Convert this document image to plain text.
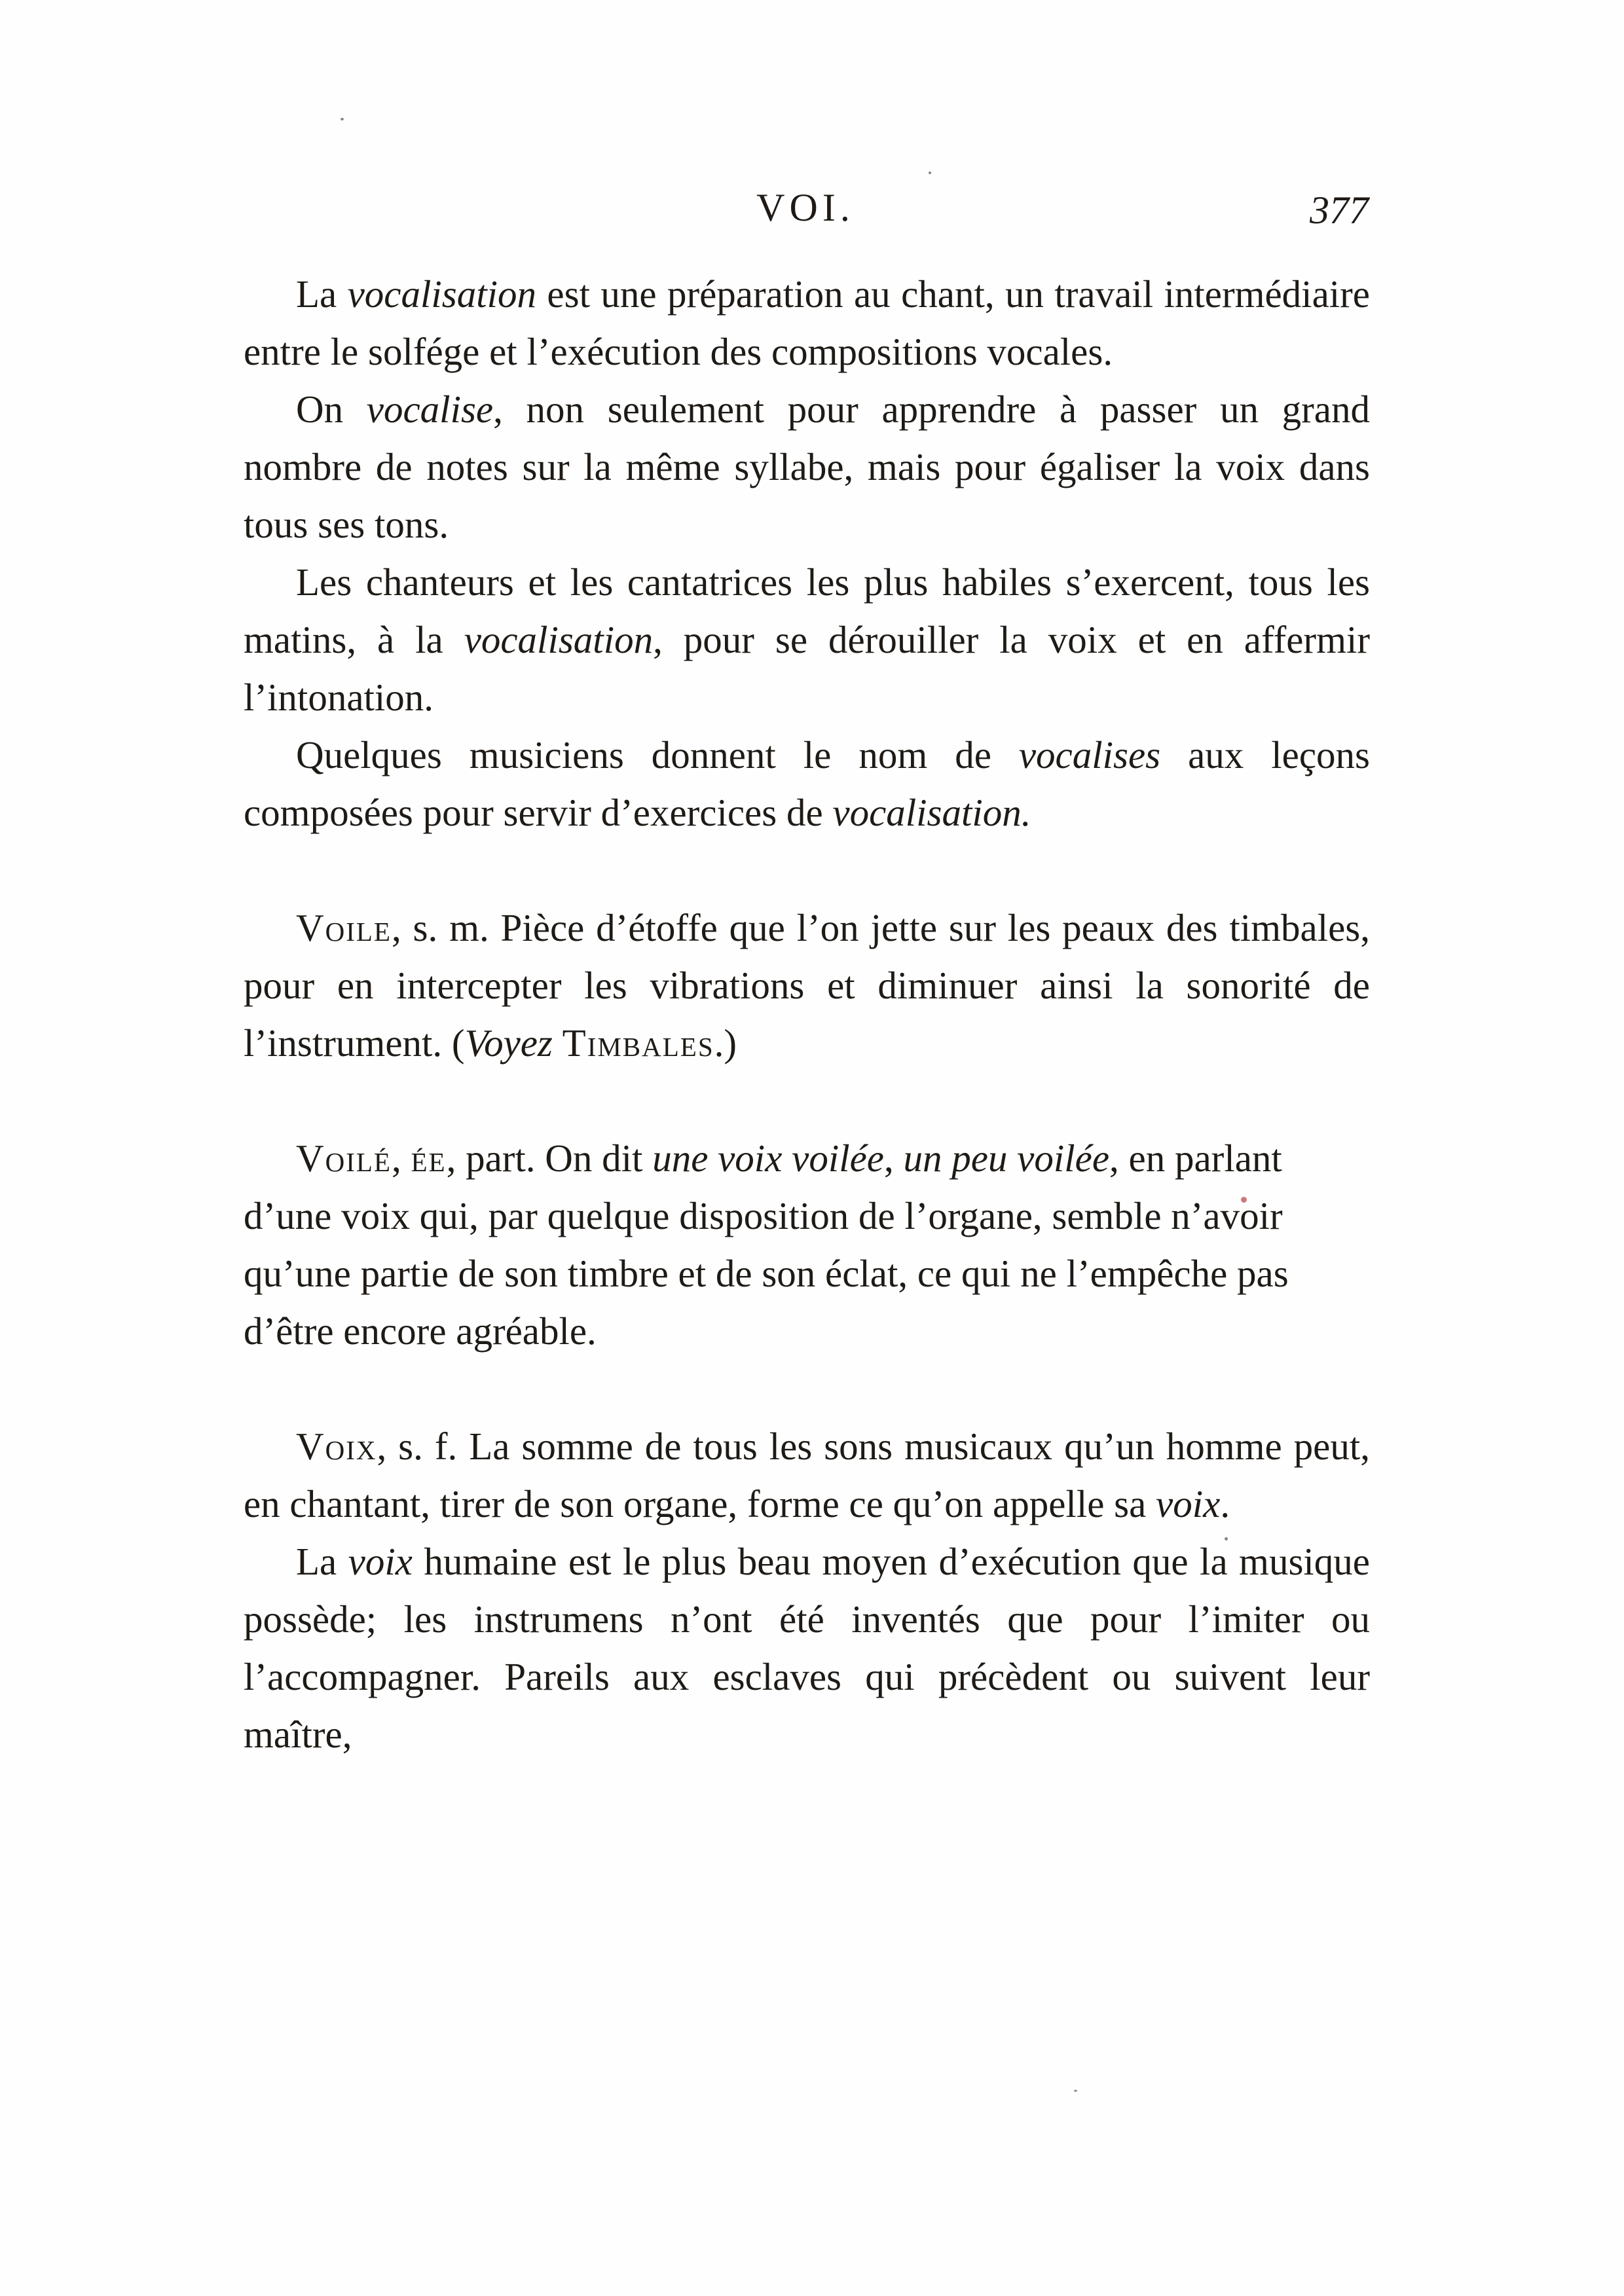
VOI.	377

La vocalisation est une préparation au chant, un travail intermédiaire entre le solfége et l’exécution des compositions vocales.

On vocalise, non seulement pour apprendre à passer un grand nombre de notes sur la même syllabe, mais pour égaliser la voix dans tous ses tons.

Les chanteurs et les cantatrices les plus habiles s’exercent, tous les matins, à la vocalisation, pour se dérouiller la voix et en affermir l’intonation.

Quelques musiciens donnent le nom de vocalises aux leçons composées pour servir d’exercices de vocalisation.

Voile, s. m. Pièce d’étoffe que l’on jette sur les peaux des timbales, pour en intercepter les vibrations et diminuer ainsi la sonorité de l’instrument. (Voyez Timbales.)

Voilé, ée, part. On dit une voix voilée, un peu voilée, en parlant d’une voix qui, par quelque disposition de l’organe, semble n’avoir qu’une partie de son timbre et de son éclat, ce qui ne l’empêche pas d’être encore agréable.

Voix, s. f. La somme de tous les sons musicaux qu’un homme peut, en chantant, tirer de son organe, forme ce qu’on appelle sa voix.

La voix humaine est le plus beau moyen d’exécution que la musique possède; les instrumens n’ont été inventés que pour l’imiter ou l’accompagner. Pareils aux esclaves qui précèdent ou suivent leur maître,
